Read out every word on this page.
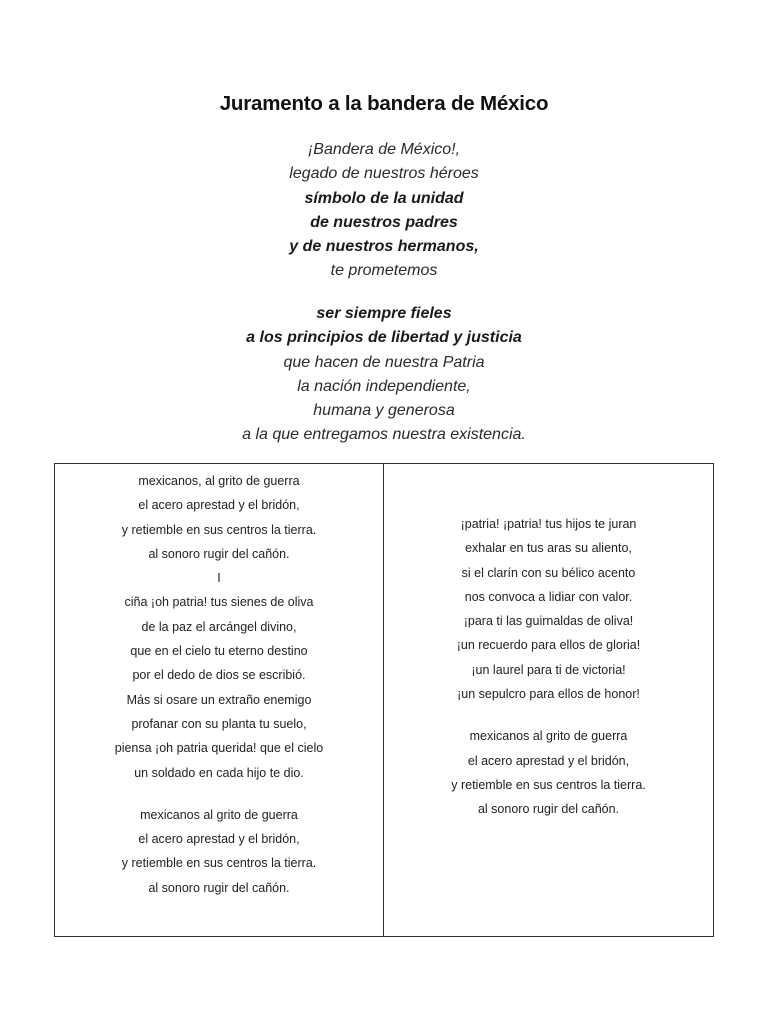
Juramento a la bandera de México
¡Bandera de México!,
legado de nuestros héroes
símbolo de la unidad
de nuestros padres
y de nuestros hermanos,
te prometemos
ser siempre fieles
a los principios de libertad y justicia
que hacen de nuestra Patria
la nación independiente,
humana y generosa
a la que entregamos nuestra existencia.
mexicanos, al grito de guerra
el acero aprestad y el bridón,
y retiemble en sus centros la tierra.
al sonoro rugir del cañón.
I
ciña ¡oh patria! tus sienes de oliva
de la paz el arcángel divino,
que en el cielo tu eterno destino
por el dedo de dios se escribió.
Más si osare un extraño enemigo
profanar con su planta tu suelo,
piensa ¡oh patria querida! que el cielo
un soldado en cada hijo te dio.
mexicanos al grito de guerra
el acero aprestad y el bridón,
y retiemble en sus centros la tierra.
al sonoro rugir del cañón.
¡patria! ¡patria! tus hijos te juran
exhalar en tus aras su aliento,
si el clarín con su bélico acento
nos convoca a lidiar con valor.
¡para ti las guirnaldas de oliva!
¡un recuerdo para ellos de gloria!
¡un laurel para ti de victoria!
¡un sepulcro para ellos de honor!
mexicanos al grito de guerra
el acero aprestad y el bridón,
y retiemble en sus centros la tierra.
al sonoro rugir del cañón.
